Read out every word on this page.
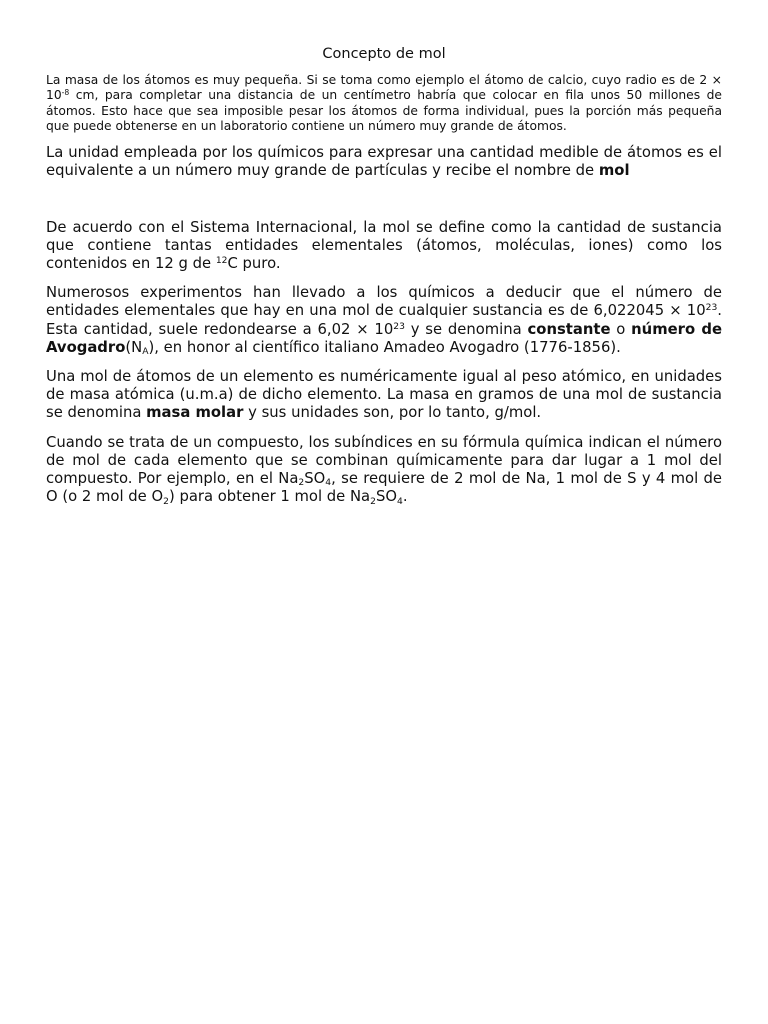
Concepto de mol

La masa de los átomos es muy pequeña. Si se toma como ejemplo el átomo de calcio, cuyo radio es de $2 \times 10^{-8}$ cm, para completar una distancia de un centímetro habría que colocar en fila unos 50 millones de átomos. Esto hace que sea imposible pesar los átomos de forma individual, pues la porción más pequeña que puede obtenerse en un laboratorio contiene un número muy grande de átomos.

La unidad empleada por los químicos para expresar una cantidad medible de átomos es el equivalente a un número muy grande de partículas y recibe el nombre de mol

De acuerdo con el Sistema Internacional, la mol se define como la cantidad de sustancia que contiene tantas entidades elementales (átomos, moléculas, iones) como los contenidos en 12 g de $^{12}$C puro.

Numerosos experimentos han llevado a los químicos a deducir que el número de entidades elementales que hay en una mol de cualquier sustancia es de $6,022045 \times 10^{23}$. Esta cantidad, suele redondearse a $6,02 \times 10^{23}$ y se denomina constante o número de $Avogadro(N_A)$, en honor al científico italiano Amadeo Avogadro (1776-1856).

Una mol de átomos de un elemento es numéricamente igual al peso atómico, en unidades de masa atómica (u.m.a) de dicho elemento. La masa en gramos de una mol de sustancia se denomina masa molar y sus unidades son, por lo tanto, g/mol.

Cuando se trata de un compuesto, los subíndices en su fórmula química indican el número de mol de cada elemento que se combinan químicamente para dar lugar a 1 mol del compuesto. Por ejemplo, en el $Na_2SO_4$, se requiere de 2 mol de Na, 1 mol de S y 4 mol de O (o 2 mol de $O_2$) para obtener 1 mol de $Na_2SO_4$.
